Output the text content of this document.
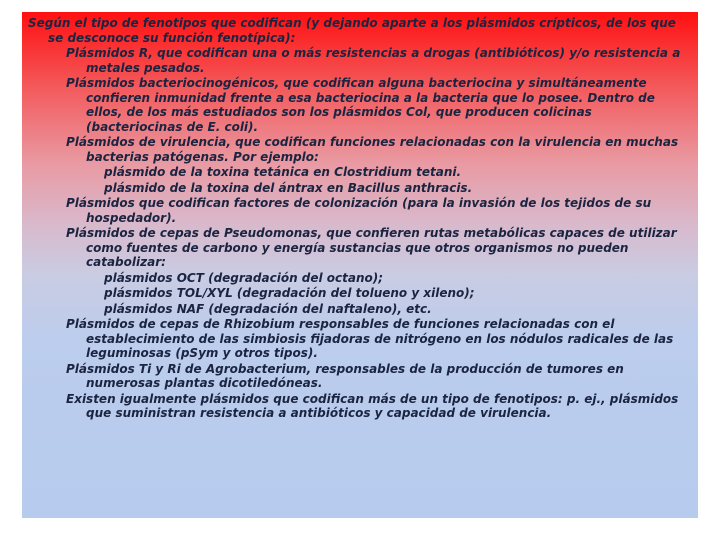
Según el tipo de fenotipos que codifican (y dejando aparte a los plásmidos crípticos, de los que se desconoce su función fenotípica):

Plásmidos R, que codifican una o más resistencias a drogas (antibióticos) y/o resistencia a metales pesados.

Plásmidos bacteriocinogénicos, que codifican alguna bacteriocina y simultáneamente confieren inmunidad frente a esa bacteriocina a la bacteria que lo posee. Dentro de ellos, de los más estudiados son los plásmidos Col, que producen colicinas (bacteriocinas de E. coli).

Plásmidos de virulencia, que codifican funciones relacionadas con la virulencia en muchas bacterias patógenas. Por ejemplo:

plásmido de la toxina tetánica en Clostridium tetani.

plásmido de la toxina del ántrax en Bacillus anthracis.

Plásmidos que codifican factores de colonización (para la invasión de los tejidos de su hospedador).

Plásmidos de cepas de Pseudomonas, que confieren rutas metabólicas capaces de utilizar como fuentes de carbono y energía sustancias que otros organismos no pueden catabolizar:

plásmidos OCT (degradación del octano);

plásmidos TOL/XYL (degradación del tolueno y xileno);

plásmidos NAF (degradación del naftaleno), etc.

Plásmidos de cepas de Rhizobium responsables de funciones relacionadas con el establecimiento de las simbiosis fijadoras de nitrógeno en los nódulos radicales de las leguminosas (pSym y otros tipos).

Plásmidos Ti y Ri de Agrobacterium, responsables de la producción de tumores en numerosas plantas dicotiledóneas.

Existen igualmente plásmidos que codifican más de un tipo de fenotipos: p. ej., plásmidos que suministran resistencia a antibióticos y capacidad de virulencia.
